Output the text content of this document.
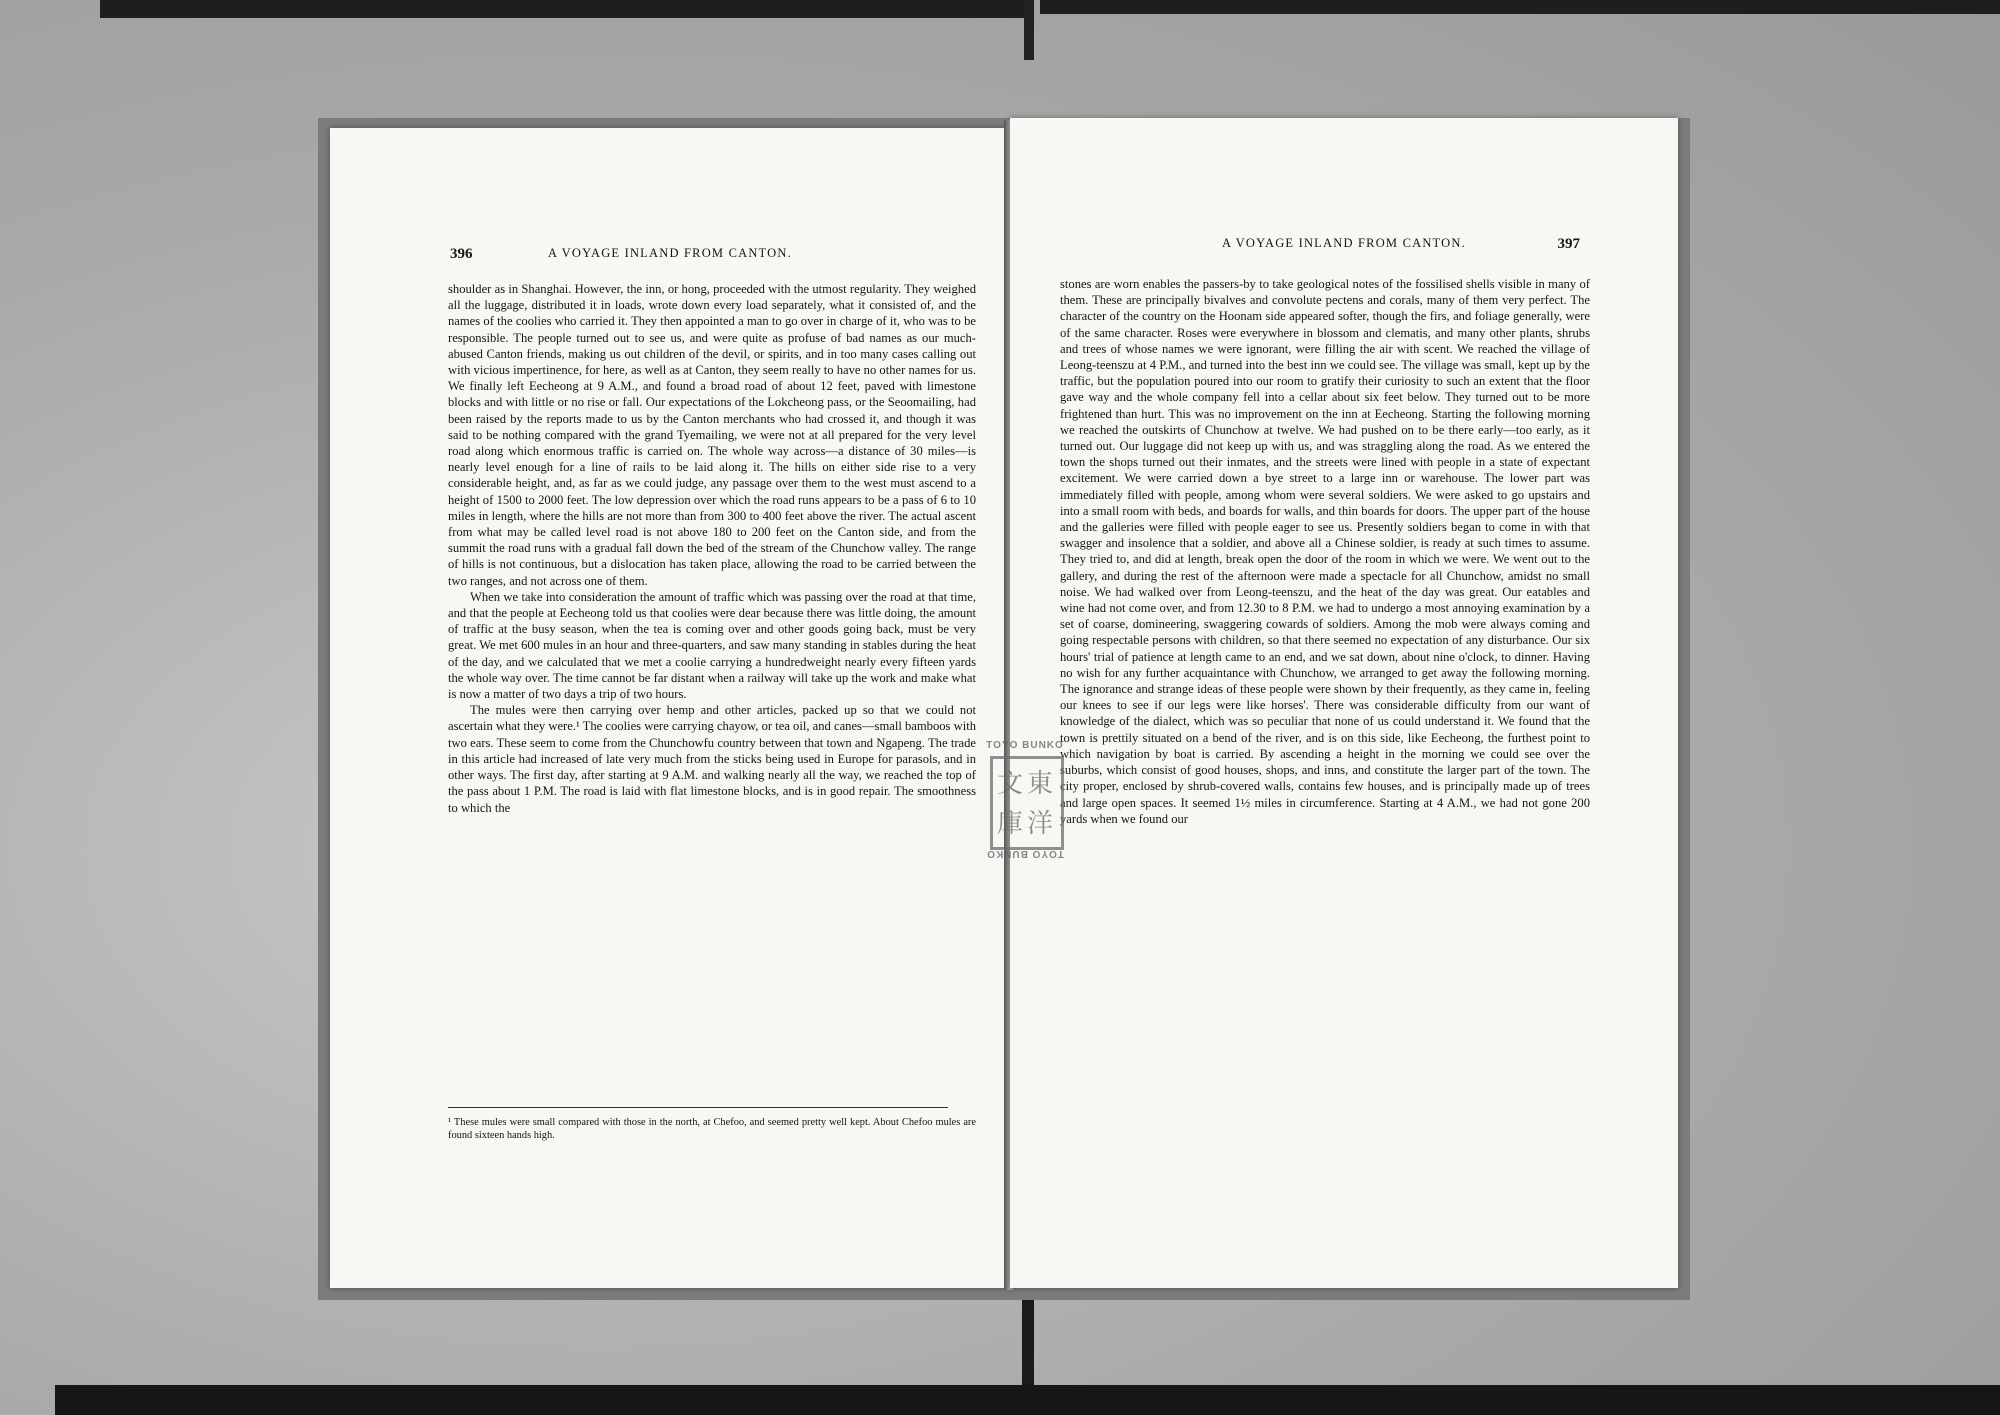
A VOYAGE INLAND FROM CANTON.
396

shoulder as in Shanghai. However, the inn, or hong, proceeded with the utmost regularity. They weighed all the luggage, distributed it in loads, wrote down every load separately, what it consisted of, and the names of the coolies who carried it. They then appointed a man to go over in charge of it, who was to be responsible. The people turned out to see us, and were quite as profuse of bad names as our much-abused Canton friends, making us out children of the devil, or spirits, and in too many cases calling out with vicious impertinence, for here, as well as at Canton, they seem really to have no other names for us. We finally left Eecheong at 9 A.M., and found a broad road of about 12 feet, paved with limestone blocks and with little or no rise or fall. Our expectations of the Lokcheong pass, or the Seoomailing, had been raised by the reports made to us by the Canton merchants who had crossed it, and though it was said to be nothing compared with the grand Tyemailing, we were not at all prepared for the very level road along which enormous traffic is carried on. The whole way across—a distance of 30 miles—is nearly level enough for a line of rails to be laid along it. The hills on either side rise to a very considerable height, and, as far as we could judge, any passage over them to the west must ascend to a height of 1500 to 2000 feet. The low depression over which the road runs appears to be a pass of 6 to 10 miles in length, where the hills are not more than from 300 to 400 feet above the river. The actual ascent from what may be called level road is not above 180 to 200 feet on the Canton side, and from the summit the road runs with a gradual fall down the bed of the stream of the Chunchow valley. The range of hills is not continuous, but a dislocation has taken place, allowing the road to be carried between the two ranges, and not across one of them.

When we take into consideration the amount of traffic which was passing over the road at that time, and that the people at Eecheong told us that coolies were dear because there was little doing, the amount of traffic at the busy season, when the tea is coming over and other goods going back, must be very great. We met 600 mules in an hour and three-quarters, and saw many standing in stables during the heat of the day, and we calculated that we met a coolie carrying a hundredweight nearly every fifteen yards the whole way over. The time cannot be far distant when a railway will take up the work and make what is now a matter of two days a trip of two hours.

The mules were then carrying over hemp and other articles, packed up so that we could not ascertain what they were.¹ The coolies were carrying chayow, or tea oil, and canes—small bamboos with two ears. These seem to come from the Chunchowfu country between that town and Ngapeng. The trade in this article had increased of late very much from the sticks being used in Europe for parasols, and in other ways. The first day, after starting at 9 A.M. and walking nearly all the way, we reached the top of the pass about 1 P.M. The road is laid with flat limestone blocks, and is in good repair. The smoothness to which the

¹ These mules were small compared with those in the north, at Chefoo, and seemed pretty well kept. About Chefoo mules are found sixteen hands high.
A VOYAGE INLAND FROM CANTON.	397

stones are worn enables the passers-by to take geological notes of the fossilised shells visible in many of them. These are principally bivalves and convolute pectens and corals, many of them very perfect. The character of the country on the Hoonam side appeared softer, though the firs, and foliage generally, were of the same character. Roses were everywhere in blossom and clematis, and many other plants, shrubs and trees of whose names we were ignorant, were filling the air with scent. We reached the village of Leong-teenszu at 4 P.M., and turned into the best inn we could see. The village was small, kept up by the traffic, but the population poured into our room to gratify their curiosity to such an extent that the floor gave way and the whole company fell into a cellar about six feet below. They turned out to be more frightened than hurt. This was no improvement on the inn at Eecheong. Starting the following morning we reached the outskirts of Chunchow at twelve. We had pushed on to be there early—too early, as it turned out. Our luggage did not keep up with us, and was straggling along the road. As we entered the town the shops turned out their inmates, and the streets were lined with people in a state of expectant excitement. We were carried down a bye street to a large inn or warehouse. The lower part was immediately filled with people, among whom were several soldiers. We were asked to go upstairs and into a small room with beds, and boards for walls, and thin boards for doors. The upper part of the house and the galleries were filled with people eager to see us. Presently soldiers began to come in with that swagger and insolence that a soldier, and above all a Chinese soldier, is ready at such times to assume. They tried to, and did at length, break open the door of the room in which we were. We went out to the gallery, and during the rest of the afternoon were made a spectacle for all Chunchow, amidst no small noise. We had walked over from Leong-teenszu, and the heat of the day was great. Our eatables and wine had not come over, and from 12.30 to 8 P.M. we had to undergo a most annoying examination by a set of coarse, domineering, swaggering cowards of soldiers. Among the mob were always coming and going respectable persons with children, so that there seemed no expectation of any disturbance. Our six hours' trial of patience at length came to an end, and we sat down, about nine o'clock, to dinner. Having no wish for any further acquaintance with Chunchow, we arranged to get away the following morning. The ignorance and strange ideas of these people were shown by their frequently, as they came in, feeling our knees to see if our legs were like horses'. There was considerable difficulty from our want of knowledge of the dialect, which was so peculiar that none of us could understand it. We found that the town is prettily situated on a bend of the river, and is on this side, like Eecheong, the furthest point to which navigation by boat is carried. By ascending a height in the morning we could see over the suburbs, which consist of good houses, shops, and inns, and constitute the larger part of the town. The city proper, enclosed by shrub-covered walls, contains few houses, and is principally made up of trees and large open spaces. It seemed 1½ miles in circumference. Starting at 4 A.M., we had not gone 200 yards when we found our

TOYO BUNKO
文 東
庫 洋
TOYO BUNKO
